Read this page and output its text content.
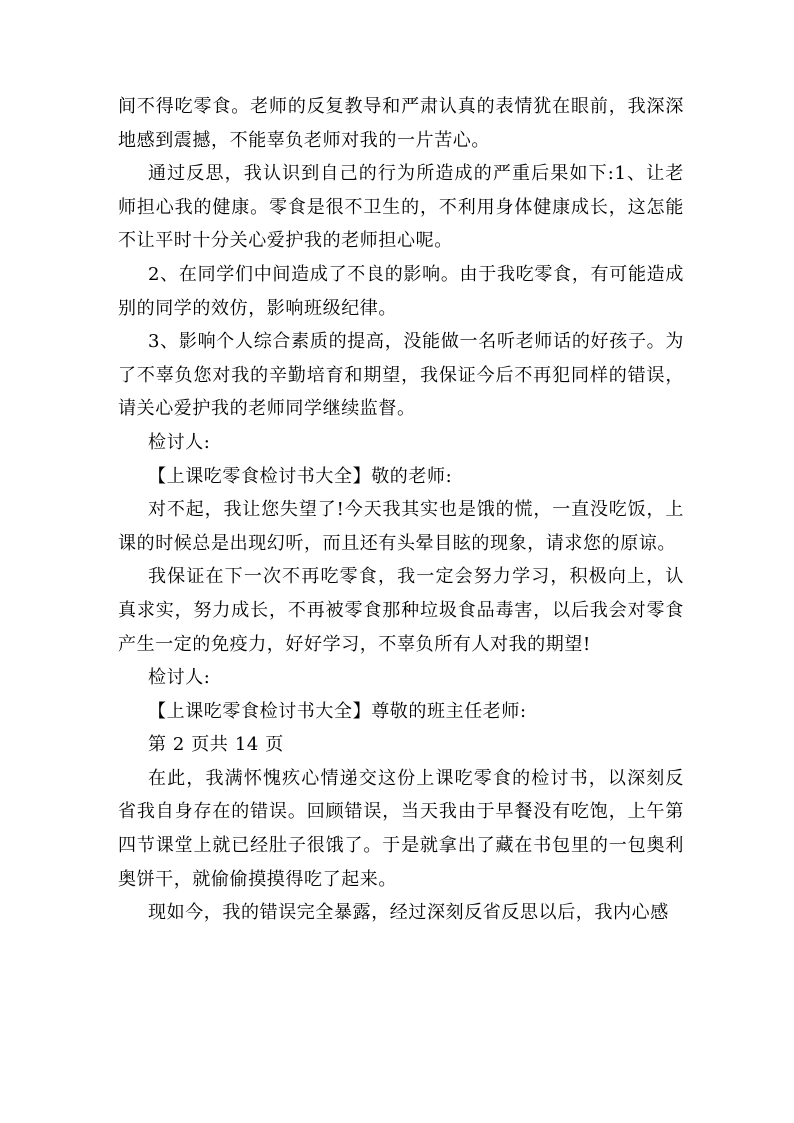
间不得吃零食。老师的反复教导和严肃认真的表情犹在眼前，我深深地感到震撼，不能辜负老师对我的一片苦心。

通过反思，我认识到自己的行为所造成的严重后果如下:1、让老师担心我的健康。零食是很不卫生的，不利用身体健康成长，这怎能不让平时十分关心爱护我的老师担心呢。

2、在同学们中间造成了不良的影响。由于我吃零食，有可能造成别的同学的效仿，影响班级纪律。

3、影响个人综合素质的提高，没能做一名听老师话的好孩子。为了不辜负您对我的辛勤培育和期望，我保证今后不再犯同样的错误，请关心爱护我的老师同学继续监督。

检讨人:

【上课吃零食检讨书大全】敬的老师:

对不起，我让您失望了!今天我其实也是饿的慌，一直没吃饭，上课的时候总是出现幻听，而且还有头晕目眩的现象，请求您的原谅。

我保证在下一次不再吃零食，我一定会努力学习，积极向上，认真求实，努力成长，不再被零食那种垃圾食品毒害，以后我会对零食产生一定的免疫力，好好学习，不辜负所有人对我的期望!

检讨人:

【上课吃零食检讨书大全】尊敬的班主任老师:

第 2 页共 14 页

在此，我满怀愧疚心情递交这份上课吃零食的检讨书，以深刻反省我自身存在的错误。回顾错误，当天我由于早餐没有吃饱，上午第四节课堂上就已经肚子很饿了。于是就拿出了藏在书包里的一包奥利奥饼干，就偷偷摸摸得吃了起来。

现如今，我的错误完全暴露，经过深刻反省反思以后，我内心感
